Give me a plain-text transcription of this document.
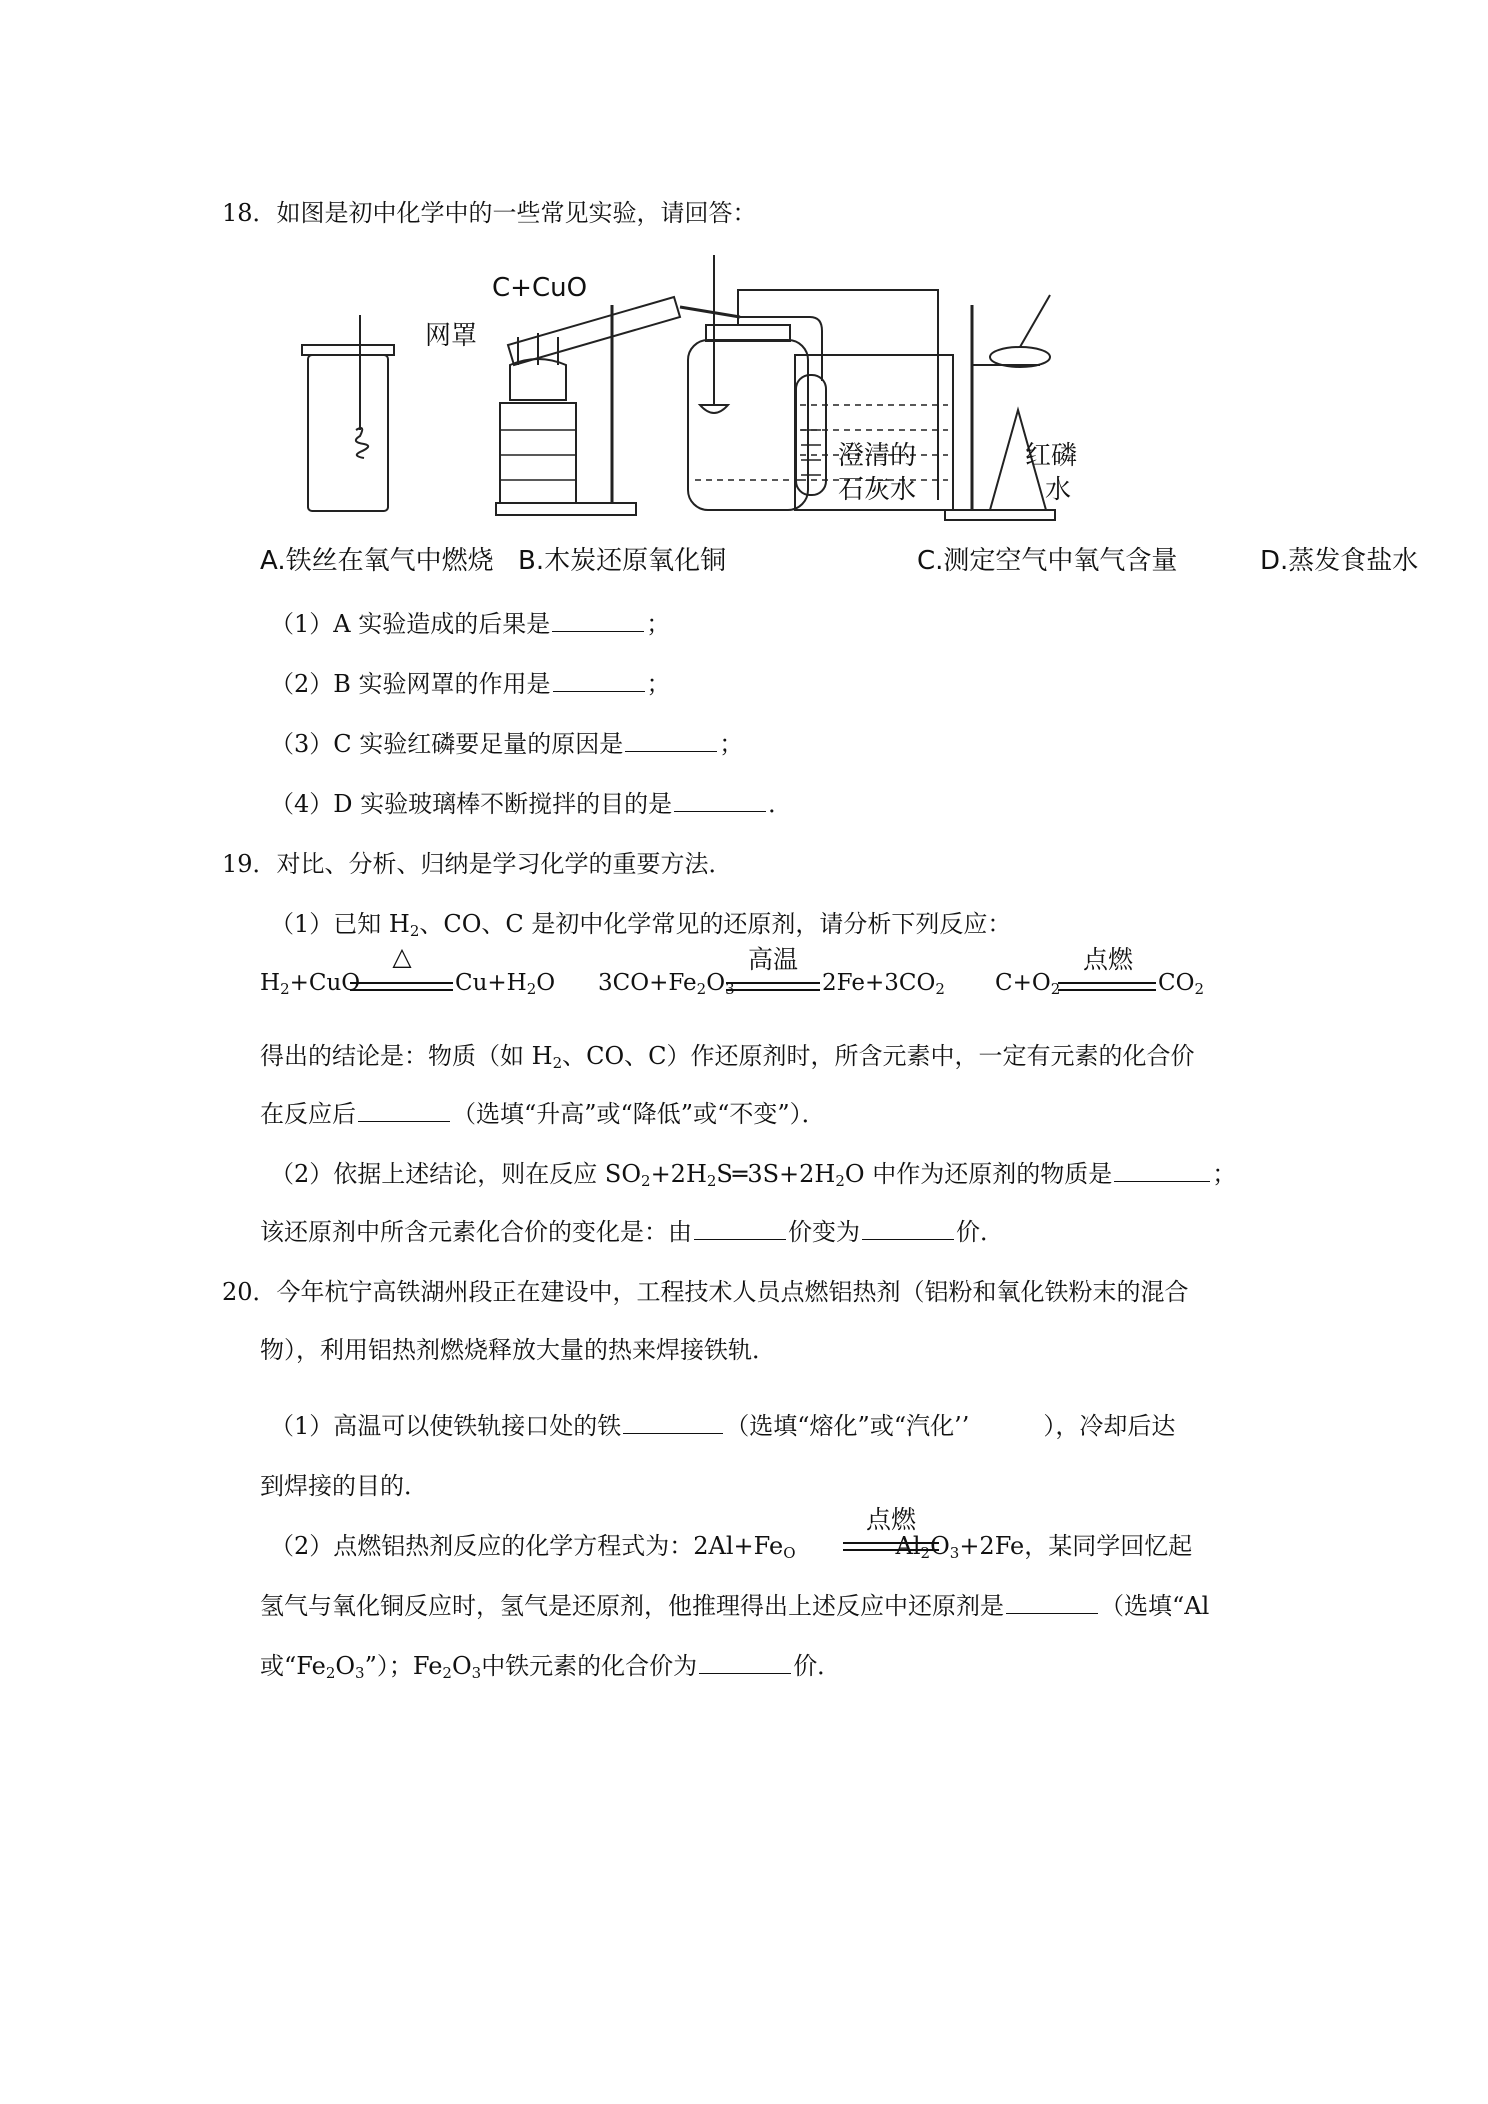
18．如图是初中化学中的一些常见实验，请回答：
C+CuO
网罩
澄清的
石灰水
红磷
水
A.铁丝在氧气中燃烧 B.木炭还原氧化铜	C.测定空气中氧气含量	D.蒸发食盐水
（1）A 实验造成的后果是	；
（2）B 实验网罩的作用是	；
（3）C 实验红磷要足量的原因是	；
（4）D 实验玻璃棒不断搅拌的目的是	．
19．对比、分析、归纳是学习化学的重要方法．
（1）已知 $H_2$、CO、C 是初中化学常见的还原剂，请分析下列反应：
$H_2+CuO$
△
$Cu+H_2O$ $3CO+Fe_2O_3$
高温
$2Fe+3CO_2$ $C+O_2$
点燃
$CO_2$
得出的结论是：物质（如 $H_2$、CO、C）作还原剂时，所含元素中，一定有元素的化合价
在反应后	（选填“升高”或“降低”或“不变”）．
（2）依据上述结论，则在反应 $SO_2+2H_2S═3S+2H_2O$ 中作为还原剂的物质是	；
该还原剂中所含元素化合价的变化是：由	价变为	价．
20．今年杭宁高铁湖州段正在建设中，工程技术人员点燃铝热剂（铝粉和氧化铁粉末的混合
物），利用铝热剂燃烧释放大量的热来焊接铁轨．
（1）高温可以使铁轨接口处的铁	（选填“熔化”或“汽化’’	），冷却后达
到焊接的目的．
（2）点燃铝热剂反应的化学方程式为：$2Al+Fe_O$	$Al_2O_3+2Fe$，某同学回忆起
点燃
氢气与氧化铜反应时，氢气是还原剂，他推理得出上述反应中还原剂是	（选填“Al
或“$Fe_2O_3$”）；$Fe_2O_3$中铁元素的化合价为	价．
